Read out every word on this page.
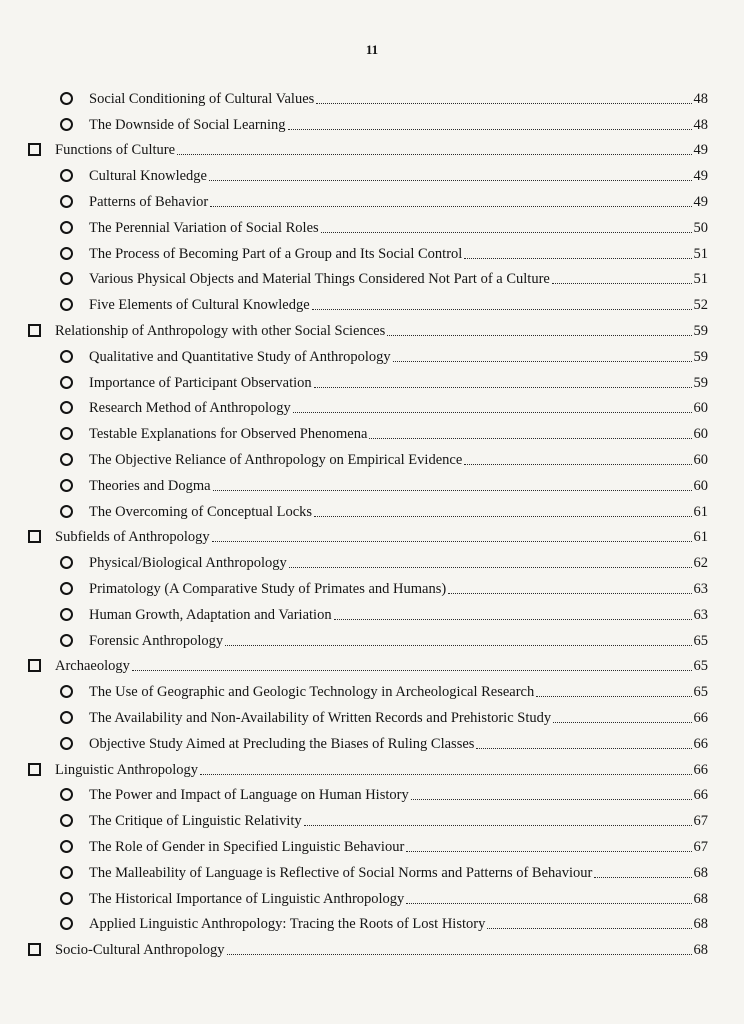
11
Social Conditioning of Cultural Values	48
The Downside of Social Learning	48
Functions of Culture	49
Cultural Knowledge	49
Patterns of Behavior	49
The Perennial Variation of Social Roles	50
The Process of Becoming Part of a Group and Its Social Control	51
Various Physical Objects and Material Things Considered Not Part of a Culture	51
Five Elements of Cultural Knowledge	52
Relationship of Anthropology with other Social Sciences	59
Qualitative and Quantitative Study of Anthropology	59
Importance of Participant Observation	59
Research Method of Anthropology	60
Testable Explanations for Observed Phenomena	60
The Objective Reliance of Anthropology on Empirical Evidence	60
Theories and Dogma	60
The Overcoming of Conceptual Locks	61
Subfields of Anthropology	61
Physical/Biological Anthropology	62
Primatology (A Comparative Study of Primates and Humans)	63
Human Growth, Adaptation and Variation	63
Forensic Anthropology	65
Archaeology	65
The Use of Geographic and Geologic Technology in Archeological Research	65
The Availability and Non-Availability of Written Records and Prehistoric Study	66
Objective Study Aimed at Precluding the Biases of Ruling Classes	66
Linguistic Anthropology	66
The Power and Impact of Language on Human History	66
The Critique of Linguistic Relativity	67
The Role of Gender in Specified Linguistic Behaviour	67
The Malleability of Language is Reflective of Social Norms and Patterns of Behaviour	68
The Historical Importance of Linguistic Anthropology	68
Applied Linguistic Anthropology: Tracing the Roots of Lost History	68
Socio-Cultural Anthropology	68
